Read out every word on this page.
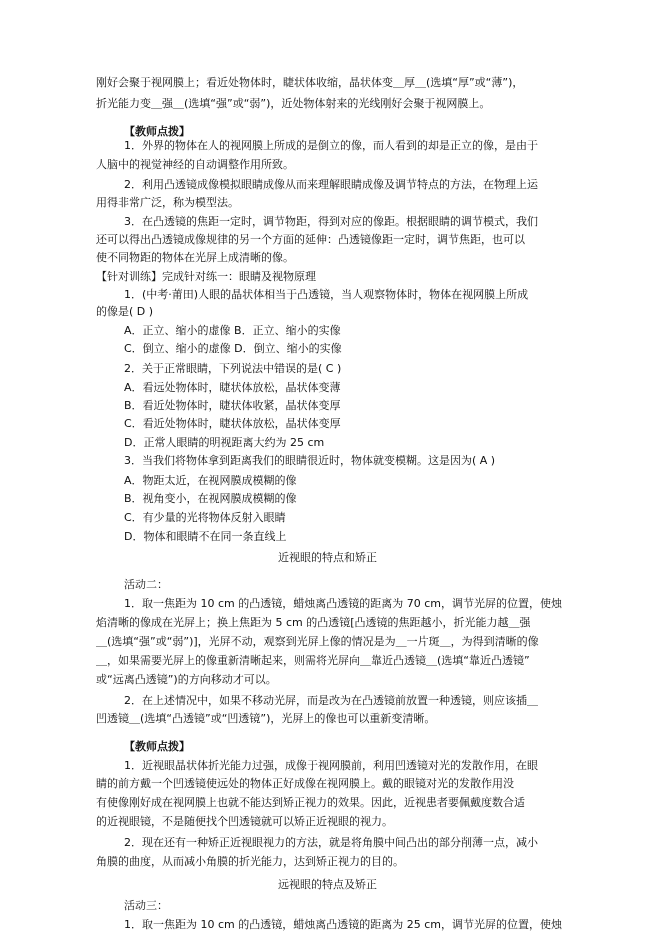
刚好会聚于视网膜上；看近处物体时，睫状体收缩，晶状体变＿厚＿(选填“厚”或“薄”)，
折光能力变＿强＿(选填“强”或“弱”)，近处物体射来的光线刚好会聚于视网膜上。
【教师点拨】
1．外界的物体在人的视网膜上所成的是倒立的像，而人看到的却是正立的像，是由于
人脑中的视觉神经的自动调整作用所致。
2．利用凸透镜成像模拟眼睛成像从而来理解眼睛成像及调节特点的方法，在物理上运
用得非常广泛，称为模型法。
3．在凸透镜的焦距一定时，调节物距，得到对应的像距。根据眼睛的调节模式，我们
还可以得出凸透镜成像规律的另一个方面的延伸：凸透镜像距一定时，调节焦距，也可以
使不同物距的物体在光屏上成清晰的像。
【针对训练】完成针对练一：眼睛及视物原理
1．(中考·莆田)人眼的晶状体相当于凸透镜，当人观察物体时，物体在视网膜上所成
的像是( D )
A．正立、缩小的虚像 B．正立、缩小的实像
C．倒立、缩小的虚像 D．倒立、缩小的实像
2．关于正常眼睛，下列说法中错误的是( C )
A．看远处物体时，睫状体放松，晶状体变薄
B．看近处物体时，睫状体收紧，晶状体变厚
C．看近处物体时，睫状体放松，晶状体变厚
D．正常人眼睛的明视距离大约为 25 cm
3．当我们将物体拿到距离我们的眼睛很近时，物体就变模糊。这是因为( A )
A．物距太近，在视网膜成模糊的像
B．视角变小，在视网膜成模糊的像
C．有少量的光将物体反射入眼睛
D．物体和眼睛不在同一条直线上
近视眼的特点和矫正
活动二：
1．取一焦距为 10 cm 的凸透镜，蜡烛离凸透镜的距离为 70 cm，调节光屏的位置，使烛
焰清晰的像成在光屏上；换上焦距为 5 cm 的凸透镜[凸透镜的焦距越小，折光能力越＿强
＿(选填“强”或“弱”)]，光屏不动，观察到光屏上像的情况是为＿一片斑＿，为得到清晰的像
＿，如果需要光屏上的像重新清晰起来，则需将光屏向＿靠近凸透镜＿(选填“靠近凸透镜”
或“远离凸透镜”)的方向移动才可以。
2．在上述情况中，如果不移动光屏，而是改为在凸透镜前放置一种透镜，则应该插＿
凹透镜＿(选填“凸透镜”或“凹透镜”)，光屏上的像也可以重新变清晰。
【教师点拨】
1．近视眼晶状体折光能力过强，成像于视网膜前，利用凹透镜对光的发散作用，在眼
睛的前方戴一个凹透镜使远处的物体正好成像在视网膜上。戴的眼镜对光的发散作用没
有使像刚好成在视网膜上也就不能达到矫正视力的效果。因此，近视患者要佩戴度数合适
的近视眼镜，不是随便找个凹透镜就可以矫正近视眼的视力。
2．现在还有一种矫正近视眼视力的方法，就是将角膜中间凸出的部分削薄一点，减小
角膜的曲度，从而减小角膜的折光能力，达到矫正视力的目的。
远视眼的特点及矫正
活动三：
1．取一焦距为 10 cm 的凸透镜，蜡烛离凸透镜的距离为 25 cm，调节光屏的位置，使烛
